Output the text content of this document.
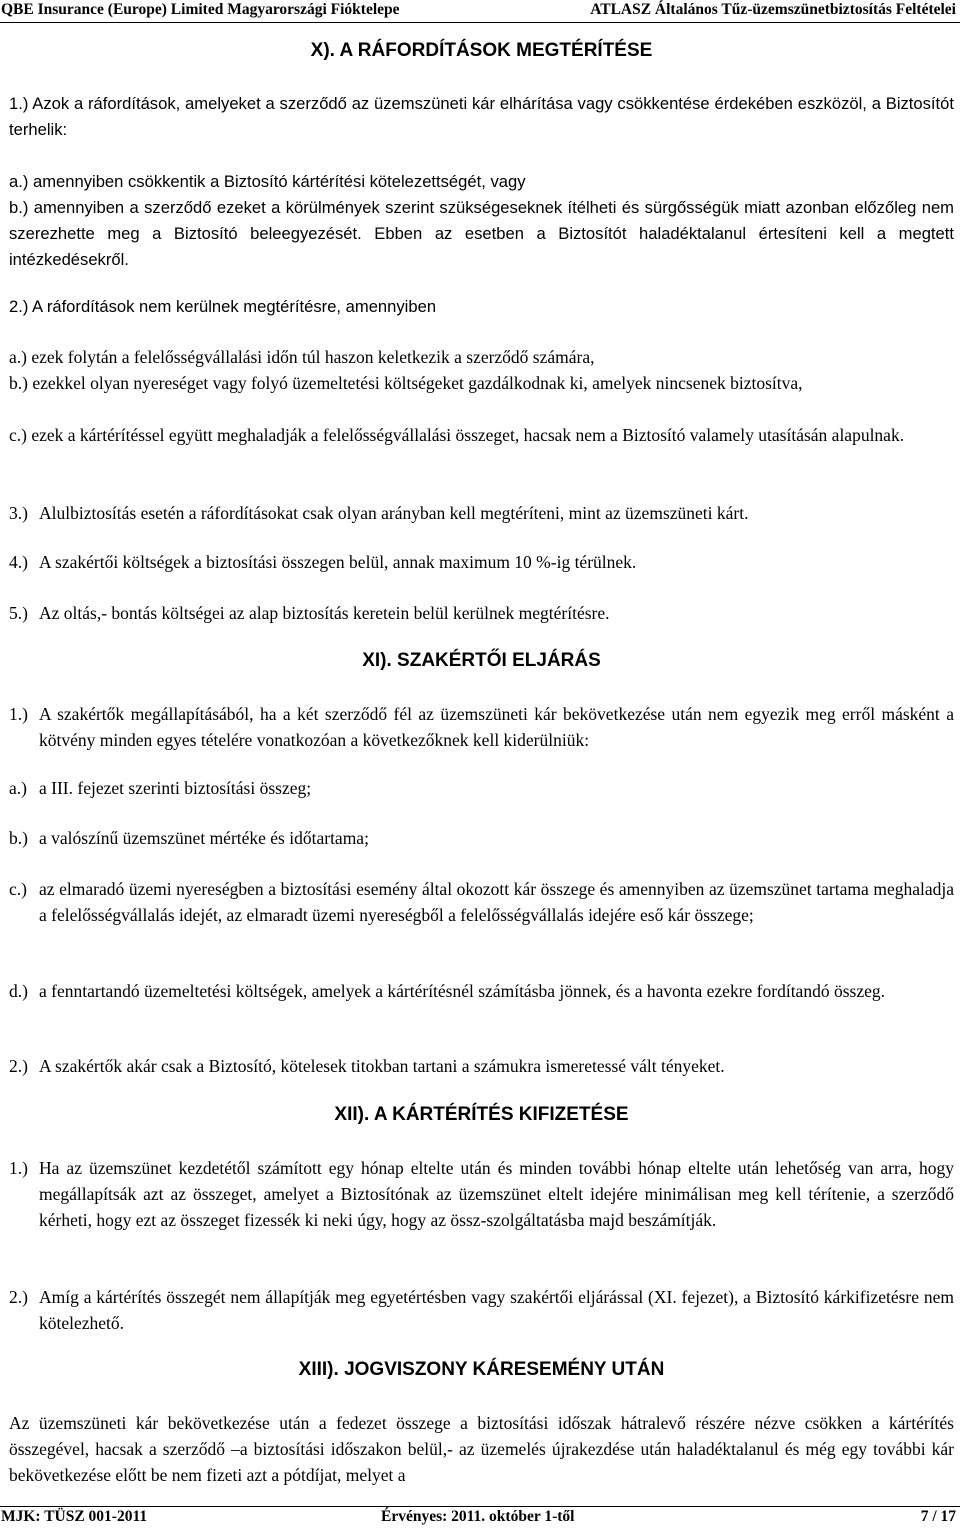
QBE Insurance (Europe) Limited Magyarországi Fióktelepe	ATLASZ Általános Tűz-üzemszünetbiztosítás Feltételei
X). A RÁFORDÍTÁSOK MEGTÉRÍTÉSE
1.) Azok a ráfordítások, amelyeket a szerződő az üzemszüneti kár elhárítása vagy csökkentése érdekében eszközöl, a Biztosítót terhelik:
a.) amennyiben csökkentik a Biztosító kártérítési kötelezettségét, vagy
b.) amennyiben a szerződő ezeket a körülmények szerint szükségeseknek ítélheti és sürgősségük miatt azonban előzőleg nem szerezhette meg a Biztosító beleegyezését. Ebben az esetben a Biztosítót haladéktalanul értesíteni kell a megtett intézkedésekről.
2.) A ráfordítások nem kerülnek megtérítésre, amennyiben
a.) ezek folytán a felelősségvállalási időn túl haszon keletkezik a szerződő számára,
b.) ezekkel olyan nyereséget vagy folyó üzemeltetési költségeket gazdálkodnak ki, amelyek nincsenek biztosítva,
c.) ezek a kártérítéssel együtt meghaladják a felelősségvállalási összeget, hacsak nem a Biztosító valamely utasításán alapulnak.
3.) Alulbiztosítás esetén a ráfordításokat csak olyan arányban kell megtéríteni, mint az üzemszüneti kárt.
4.) A szakértői költségek a biztosítási összegen belül, annak maximum 10 %-ig térülnek.
5.) Az oltás,- bontás költségei az alap biztosítás keretein belül kerülnek megtérítésre.
XI). SZAKÉRTŐI ELJÁRÁS
1.) A szakértők megállapításából, ha a két szerződő fél az üzemszüneti kár bekövetkezése után nem egyezik meg erről másként a kötvény minden egyes tételére vonatkozóan a következőknek kell kiderülniük:
a.) a III. fejezet szerinti biztosítási összeg;
b.) a valószínű üzemszünet mértéke és időtartama;
c.) az elmaradó üzemi nyereségben a biztosítási esemény által okozott kár összege és amennyiben az üzemszünet tartama meghaladja a felelősségvállalás idejét, az elmaradt üzemi nyereségből a felelősségvállalás idejére eső kár összege;
d.) a fenntartandó üzemeltetési költségek, amelyek a kártérítésnél számításba jönnek, és a havonta ezekre fordítandó összeg.
2.) A szakértők akár csak a Biztosító, kötelesek titokban tartani a számukra ismeretessé vált tényeket.
XII). A KÁRTÉRÍTÉS KIFIZETÉSE
1.) Ha az üzemszünet kezdetétől számított egy hónap eltelte után és minden további hónap eltelte után lehetőség van arra, hogy megállapítsák azt az összeget, amelyet a Biztosítónak az üzemszünet eltelt idejére minimálisan meg kell térítenie, a szerződő kérheti, hogy ezt az összeget fizessék ki neki úgy, hogy az össz-szolgáltatásba majd beszámítják.
2.) Amíg a kártérítés összegét nem állapítják meg egyetértésben vagy szakértői eljárással (XI. fejezet), a Biztosító kárkifizetésre nem kötelezhető.
XIII). JOGVISZONY KÁRESEMÉNY UTÁN
Az üzemszüneti kár bekövetkezése után a fedezet összege a biztosítási időszak hátralevő részére nézve csökken a kártérítés összegével, hacsak a szerződő –a biztosítási időszakon belül,- az üzemelés újrakezdése után haladéktalanul és még egy további kár bekövetkezése előtt be nem fizeti azt a pótdíjat, melyet a
MJK: TÜSZ 001-2011	Érvényes: 2011. október 1-től	7 / 17
